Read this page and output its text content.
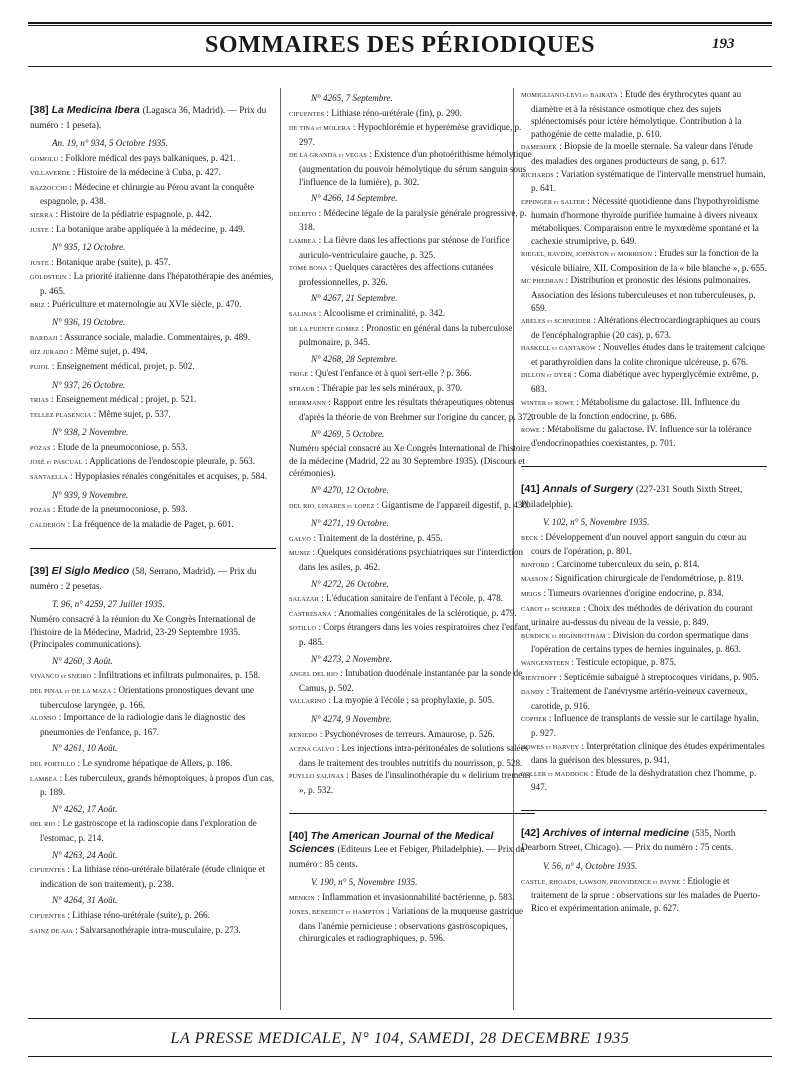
SOMMAIRES DES PÉRIODIQUES	193
[38] La Medicina Ibera (Lagasca 36, Madrid). — Prix du numéro : 1 peseta).
An. 19, n° 934, 5 Octobre 1935.
GOMOLU : Folklore médical des pays balkaniques, p. 421.
VILLAVERDE : Histoire de la médecine à Cuba, p. 427.
BAZZOCCHI : Médecine et chirurgie au Pérou avant la conquête espagnole, p. 438.
SIERRA : Histoire de la pédiatrie espagnole, p. 442.
JUSTE : La botanique arabe appliquée à la médecine, p. 449.
N° 935, 12 Octobre.
JUSTE : Botanique arabe (suite), p. 457.
GOLDSTEIN : La priorité italienne dans l'hépatothérapie des anémies, p. 465.
BRIZ : Puériculture et maternologie au XVIe siècle, p. 470.
N° 936, 19 Octobre.
BARDAJI : Assurance sociale, maladie. Commentaires, p. 489.
DIZ JURADO : Même sujet, p. 494.
PUJOL : Enseignement médical, projet, p. 502.
N° 937, 26 Octobre.
TRIAS : Enseignement médical ; projet, p. 521.
TELLEZ PLASENCIA : Même sujet, p. 537.
N° 938, 2 Novembre.
POZAS : Etude de la pneumoconiose, p. 553.
JOSÉ et PASCUAL : Applications de l'endoscopie pleurale, p. 563.
SANTAELLA : Hypoplasies rénales congénitales et acquises, p. 584.
N° 939, 9 Novembre.
POZAS : Etude de la pneumoconiose, p. 593.
CALDERON : La fréquence de la maladie de Paget, p. 601.
[39] El Siglo Medico (58, Serrano, Madrid). — Prix du numéro : 2 pesetas.
T. 96, n° 4259, 27 Juillet 1935.
Numéro consacré à la réunion du Xe Congrès International de l'histoire de la Médecine, Madrid, 23-29 Septembre 1935. (Principales communications).
N° 4260, 3 Août.
VIVANCO et SNEIRO : Infiltrations et infiltrats pulmonaires, p. 158.
DEL PINAL et DE LA MAZA : Orientations pronostiques devant une tuberculose laryngée, p. 166.
ALONSO : Importance de la radiologie dans le diagnostic des pneumonies de l'enfance, p. 167.
N° 4261, 10 Août.
DEL PORTILLO : Le syndrome hépatique de Allers, p. 186.
LAMBEA : Les tuberculeux, grands hémoptoïques, à propos d'un cas, p. 189.
N° 4262, 17 Août.
DEL RIO : Le gastroscope et la radioscopie dans l'exploration de l'estomac, p. 214.
N° 4263, 24 Août.
CIFUENTES : La lithiase réno-urétérale bilatérale (étude clinique et indication de son traitement), p. 238.
N° 4264, 31 Août.
CIFUENTES : Lithiase réno-urétérale (suite), p. 266.
SAINZ DE AJA : Salvarsanothérapie intra-musculaire, p. 273.
N° 4265, 7 Septembre.
CIFUENTES : Lithiase réno-urétérale (fin), p. 290.
DE TINA et MOLERA : Hypochlorémie et hyperémèse gravidique, p. 297.
DE LA GRANDA et VEGAS : Existence d'un photoérithisme hémolytique (augmentation du pouvoir hémolytique du sérum sanguin sous l'influence de la lumière), p. 302.
N° 4266, 14 Septembre.
DELEITO : Médecine légale de la paralysie générale progressive, p. 318.
LAMBEA : La fièvre dans les affections par sténose de l'orifice auriculo-ventriculaire gauche, p. 325.
TOMÉ BONA : Quelques caractères des affections cutanées professionnelles, p. 326.
N° 4267, 21 Septembre.
SALINAS : Alcoolisme et criminalité, p. 342.
DE LA FUENTE GOMEZ : Pronostic en général dans la tuberculose pulmonaire, p. 345.
N° 4268, 28 Septembre.
TRIGE : Qu'est l'enfance et à quoi sert-elle ? p. 366.
STRAUB : Thérapie par les sels minéraux, p. 370.
HERRMANN : Rapport entre les résultats thérapeutiques obtenus d'après la théorie de von Brehmer sur l'origine du cancer, p. 372.
N° 4269, 5 Octobre.
Numéro spécial consacré au Xe Congrès International de l'histoire de la médecine (Madrid, 22 au 30 Septembre 1935). (Discours et cérémonies).
N° 4270, 12 Octobre.
DEL RIO, LINARES et LOPEZ : Gigantisme de l'appareil digestif, p. 430.
N° 4271, 19 Octobre.
GALVO : Traitement de la dostérine, p. 455.
MUNIZ : Quelques considérations psychiatriques sur l'interdiction dans les asiles, p. 462.
N° 4272, 26 Octobre.
SALAZAR : L'éducation sanitaire de l'enfant à l'école, p. 478.
CASTRESANA : Anomalies congénitales de la sclérotique, p. 479.
SOTILLO : Corps étrangers dans les voies respiratoires chez l'enfant, p. 485.
N° 4273, 2 Novembre.
ANGEL DEL RIO : Intubation duodénale instantanée par la sonde de Camus, p. 502.
VALLARINO : La myopie à l'école ; sa prophylaxie, p. 505.
N° 4274, 9 Novembre.
RENIEDO : Psychonévroses de terreurs. Amaurose, p. 526.
ACENA CALVO : Les injections intra-péritonéales de solutions salées dans le traitement des troubles nutritifs du nourrisson, p. 528.
PUYLLO SALINAS : Bases de l'insulinothérapie du « delirium tremens », p. 532.
[40] The American Journal of the Medical Sciences (Editeurs Lee et Febiger, Philadelphie). — Prix du numéro : 85 cents.
V. 190, n° 5, Novembre 1935.
MENKIN : Inflammation et invasionnabilité bactérienne, p. 583.
JONES, BENEDICT et HAMPTON : Variations de la muqueuse gastrique dans l'anémie pernicieuse : observations gastroscopiques, chirurgicales et radiographiques, p. 596.
MOMIGLIANO-LEVI et BAIRATA : Etude des érythrocytes quant au diamètre et à la résistance osmotique chez des sujets splénectomisés pour ictère hémolytique. Contribution à la pathogénie de cette maladie, p. 610.
DAMESHEK : Biopsie de la moelle sternale. Sa valeur dans l'étude des maladies des organes producteurs de sang, p. 617.
RICHARDS : Variation systématique de l'intervalle menstruel humain, p. 641.
EPPINGER et SALTER : Nécessité quotidienne dans l'hypothyroïdisme humain d'hormone thyroïde purifiée humaine à divers niveaux métaboliques. Comparaison entre le myxœdème spontané et la cachexie strumiprive, p. 649.
RIEGEL, RAVDIN, JOHNSTON et MORRISON : Etudes sur la fonction de la vésicule biliaire, XII. Composition de la « bile blanche », p. 655.
MC PHEDRAN : Distribution et pronostic des lésions pulmonaires. Association des lésions tuberculeuses et non tuberculeuses, p. 659.
ABELES et SCHNEIDER : Altérations électrocardiographiques au cours de l'encéphalographie (20 cas), p. 673.
HASKELL et CANTAROW : Nouvelles études dans le traitement calcique et parathyroïdien dans la colite chronique ulcéreuse, p. 676.
DILLON et DYER : Coma diabétique avec hyperglycémie extrême, p. 683.
WINTER et ROWE : Métabolisme du galactose. III. Influence du trouble de la fonction endocrine, p. 686.
ROWE : Métabolisme du galactose. IV. Influence sur la tolérance d'endocrinopathies coexistantes, p. 701.
[41] Annals of Surgery (227-231 South Sixth Street, Philadelphie).
V. 102, n° 5, Novembre 1935.
BECK : Développement d'un nouvel apport sanguin du cœur au cours de l'opération, p. 801.
BINFORD : Carcinome tuberculeux du sein, p. 814.
MASSON : Signification chirurgicale de l'endométriose, p. 819.
MEIGS : Tumeurs ovariennes d'origine endocrine, p. 834.
CABOT et SCHERER : Choix des méthodes de dérivation du courant urinaire au-dessus du niveau de la vessie, p. 849.
BURDICK et HIGINBOTHAM : Division du cordon spermatique dans l'opération de certains types de hernies inguinales, p. 863.
WANGENSTEEN : Testicule ectopique, p. 875.
RIENTHOFF : Septicémie subaiguë à streptocoques viridans, p. 905.
DANDY : Traitement de l'anévrysme artério-veineux caverneux, carotide, p. 916.
COPHER : Influence de transplants de vessie sur le cartilage hyalin, p. 927.
HOWES et HARVEY : Interprétation clinique des études expérimentales dans la guérison des blessures, p. 941.
COLLER et MADDOCK : Etude de la déshydratation chez l'homme, p. 947.
[42] Archives of internal medicine (535, North Dearborn Street, Chicago). — Prix du numéro : 75 cents.
V. 56, n° 4, Octobre 1935.
CASTLE, RHOADS, LAWSON, PROVIDENCE et PAYNE : Etiologie et traitement de la sprue : observations sur les malades de Puerto-Rico et expérimentation animale, p. 627.
LA PRESSE MEDICALE, N° 104, SAMEDI, 28 DECEMBRE 1935
